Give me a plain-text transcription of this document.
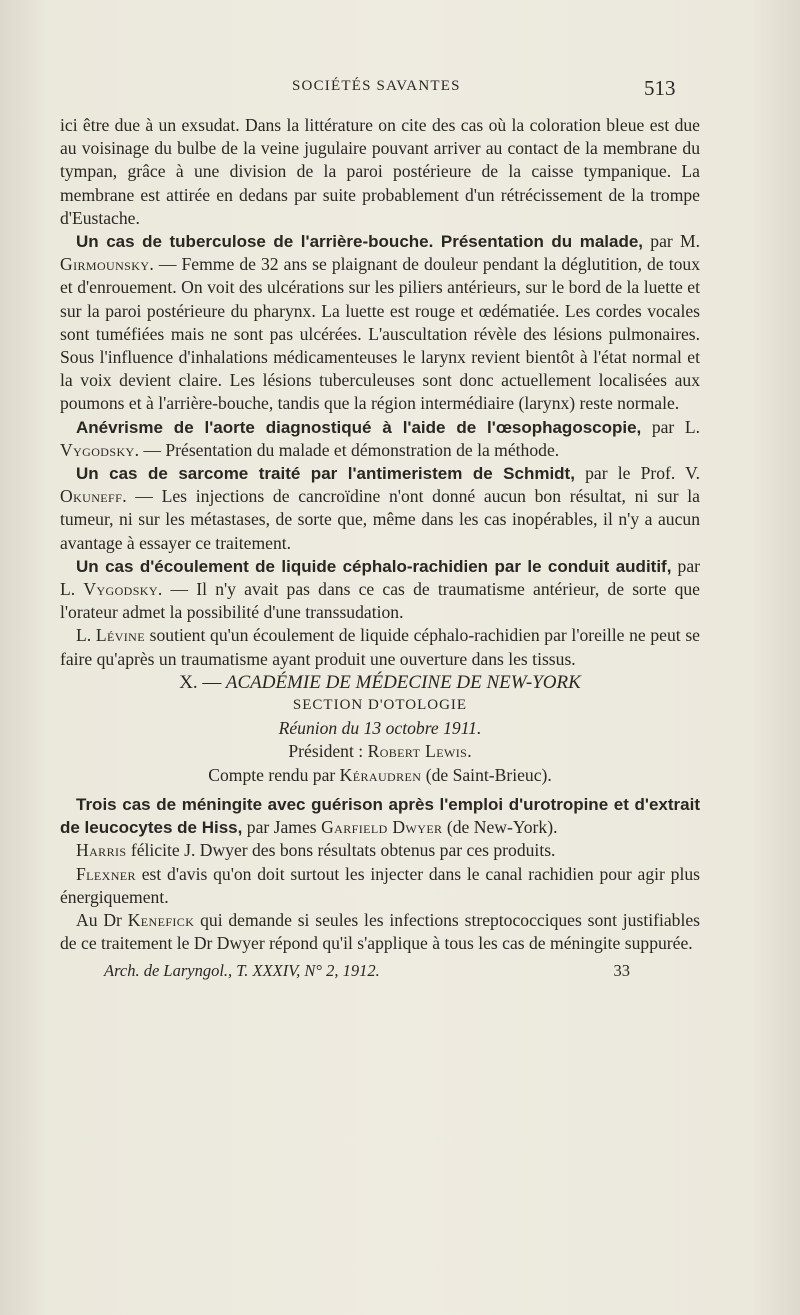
SOCIÉTÉS SAVANTES	513

ici être due à un exsudat. Dans la littérature on cite des cas où la coloration bleue est due au voisinage du bulbe de la veine jugulaire pouvant arriver au contact de la membrane du tympan, grâce à une division de la paroi postérieure de la caisse tympanique. La membrane est attirée en dedans par suite probablement d'un rétrécissement de la trompe d'Eustache.

Un cas de tuberculose de l'arrière-bouche. Présentation du malade, par M. Girmounsky. — Femme de 32 ans se plaignant de douleur pendant la déglutition, de toux et d'enrouement. On voit des ulcérations sur les piliers antérieurs, sur le bord de la luette et sur la paroi postérieure du pharynx. La luette est rouge et œdématiée. Les cordes vocales sont tuméfiées mais ne sont pas ulcérées. L'auscultation révèle des lésions pulmonaires. Sous l'influence d'inhalations médicamenteuses le larynx revient bientôt à l'état normal et la voix devient claire. Les lésions tuberculeuses sont donc actuellement localisées aux poumons et à l'arrière-bouche, tandis que la région intermédiaire (larynx) reste normale.

Anévrisme de l'aorte diagnostiqué à l'aide de l'œsophagoscopie, par L. Vygodsky. — Présentation du malade et démonstration de la méthode.

Un cas de sarcome traité par l'antimeristem de Schmidt, par le Prof. V. Okuneff. — Les injections de cancroïdine n'ont donné aucun bon résultat, ni sur la tumeur, ni sur les métastases, de sorte que, même dans les cas inopérables, il n'y a aucun avantage à essayer ce traitement.

Un cas d'écoulement de liquide céphalo-rachidien par le conduit auditif, par L. Vygodsky. — Il n'y avait pas dans ce cas de traumatisme antérieur, de sorte que l'orateur admet la possibilité d'une transsudation.

L. Lévine soutient qu'un écoulement de liquide céphalo-rachidien par l'oreille ne peut se faire qu'après un traumatisme ayant produit une ouverture dans les tissus.

X. — ACADÉMIE DE MÉDECINE DE NEW-YORK

SECTION D'OTOLOGIE

Réunion du 13 octobre 1911.

Président : Robert Lewis.

Compte rendu par Kéraudren (de Saint-Brieuc).

Trois cas de méningite avec guérison après l'emploi d'urotropine et d'extrait de leucocytes de Hiss, par James Garfield Dwyer (de New-York).

Harris félicite J. Dwyer des bons résultats obtenus par ces produits.

Flexner est d'avis qu'on doit surtout les injecter dans le canal rachidien pour agir plus énergiquement.

Au Dr Kenefick qui demande si seules les infections streptococciques sont justifiables de ce traitement le Dr Dwyer répond qu'il s'applique à tous les cas de méningite suppurée.

Arch. de Laryngol., T. XXXIV, N° 2, 1912.	33
